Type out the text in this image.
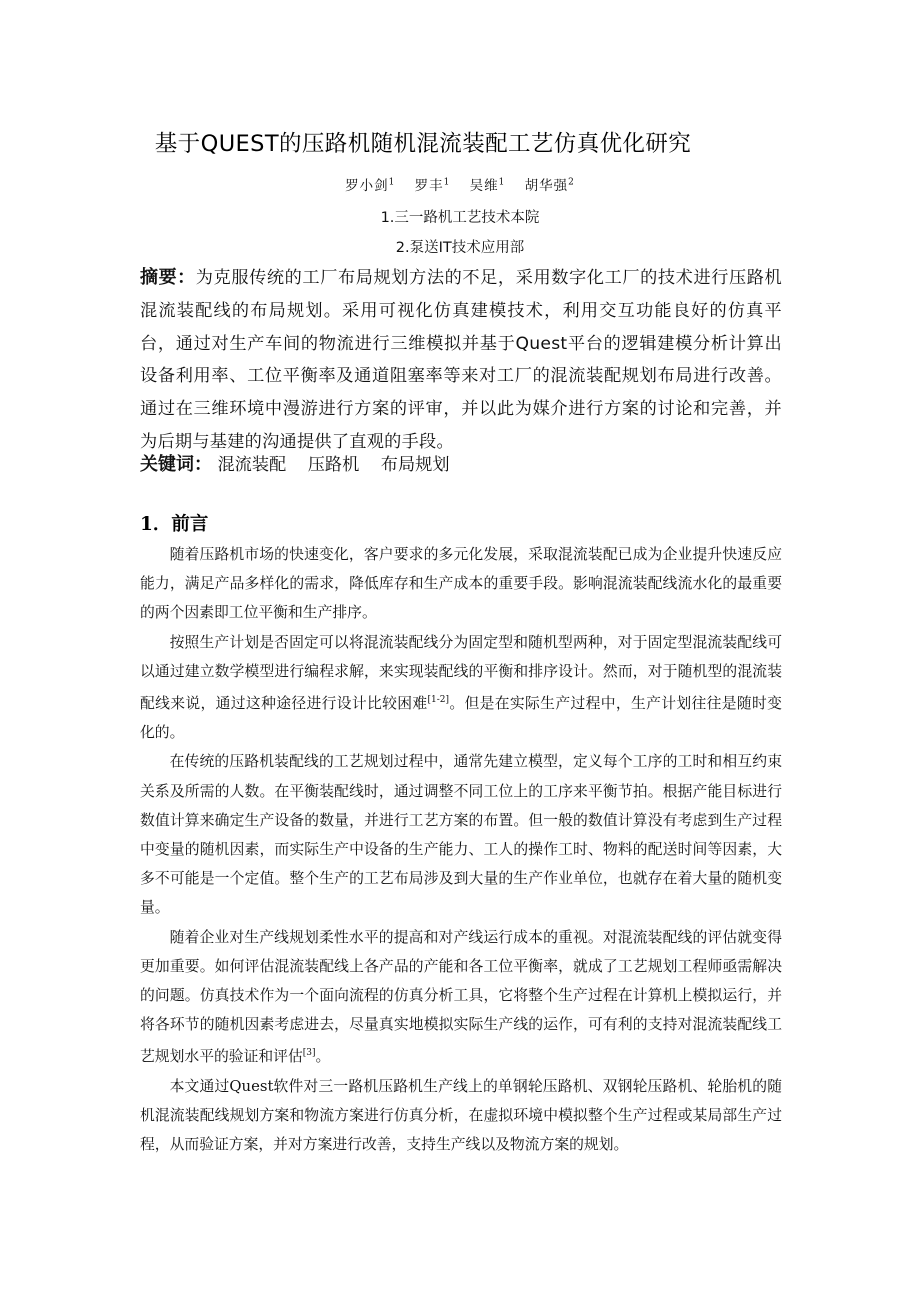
基于QUEST的压路机随机混流装配工艺仿真优化研究
罗小剑$^1$ 罗丰$^1$ 吴维$^1$ 胡华强$^2$
1.三一路机工艺技术本院
2.泵送IT技术应用部
摘要：为克服传统的工厂布局规划方法的不足，采用数字化工厂的技术进行压路机混流装配线的布局规划。采用可视化仿真建模技术，利用交互功能良好的仿真平台，通过对生产车间的物流进行三维模拟并基于Quest平台的逻辑建模分析计算出设备利用率、工位平衡率及通道阻塞率等来对工厂的混流装配规划布局进行改善。通过在三维环境中漫游进行方案的评审，并以此为媒介进行方案的讨论和完善，并为后期与基建的沟通提供了直观的手段。
关键词： 混流装配 压路机 布局规划
1．前言

随着压路机市场的快速变化，客户要求的多元化发展，采取混流装配已成为企业提升快速反应能力，满足产品多样化的需求，降低库存和生产成本的重要手段。影响混流装配线流水化的最重要的两个因素即工位平衡和生产排序。

按照生产计划是否固定可以将混流装配线分为固定型和随机型两种，对于固定型混流装配线可以通过建立数学模型进行编程求解，来实现装配线的平衡和排序设计。然而，对于随机型的混流装配线来说，通过这种途径进行设计比较困难[1-2]。但是在实际生产过程中，生产计划往往是随时变化的。

在传统的压路机装配线的工艺规划过程中，通常先建立模型，定义每个工序的工时和相互约束关系及所需的人数。在平衡装配线时，通过调整不同工位上的工序来平衡节拍。根据产能目标进行数值计算来确定生产设备的数量，并进行工艺方案的布置。但一般的数值计算没有考虑到生产过程中变量的随机因素，而实际生产中设备的生产能力、工人的操作工时、物料的配送时间等因素，大多不可能是一个定值。整个生产的工艺布局涉及到大量的生产作业单位，也就存在着大量的随机变量。

随着企业对生产线规划柔性水平的提高和对产线运行成本的重视。对混流装配线的评估就变得更加重要。如何评估混流装配线上各产品的产能和各工位平衡率，就成了工艺规划工程师亟需解决的问题。仿真技术作为一个面向流程的仿真分析工具，它将整个生产过程在计算机上模拟运行，并将各环节的随机因素考虑进去，尽量真实地模拟实际生产线的运作，可有利的支持对混流装配线工艺规划水平的验证和评估[3]。

本文通过Quest软件对三一路机压路机生产线上的单钢轮压路机、双钢轮压路机、轮胎机的随机混流装配线规划方案和物流方案进行仿真分析，在虚拟环境中模拟整个生产过程或某局部生产过程，从而验证方案，并对方案进行改善，支持生产线以及物流方案的规划。
